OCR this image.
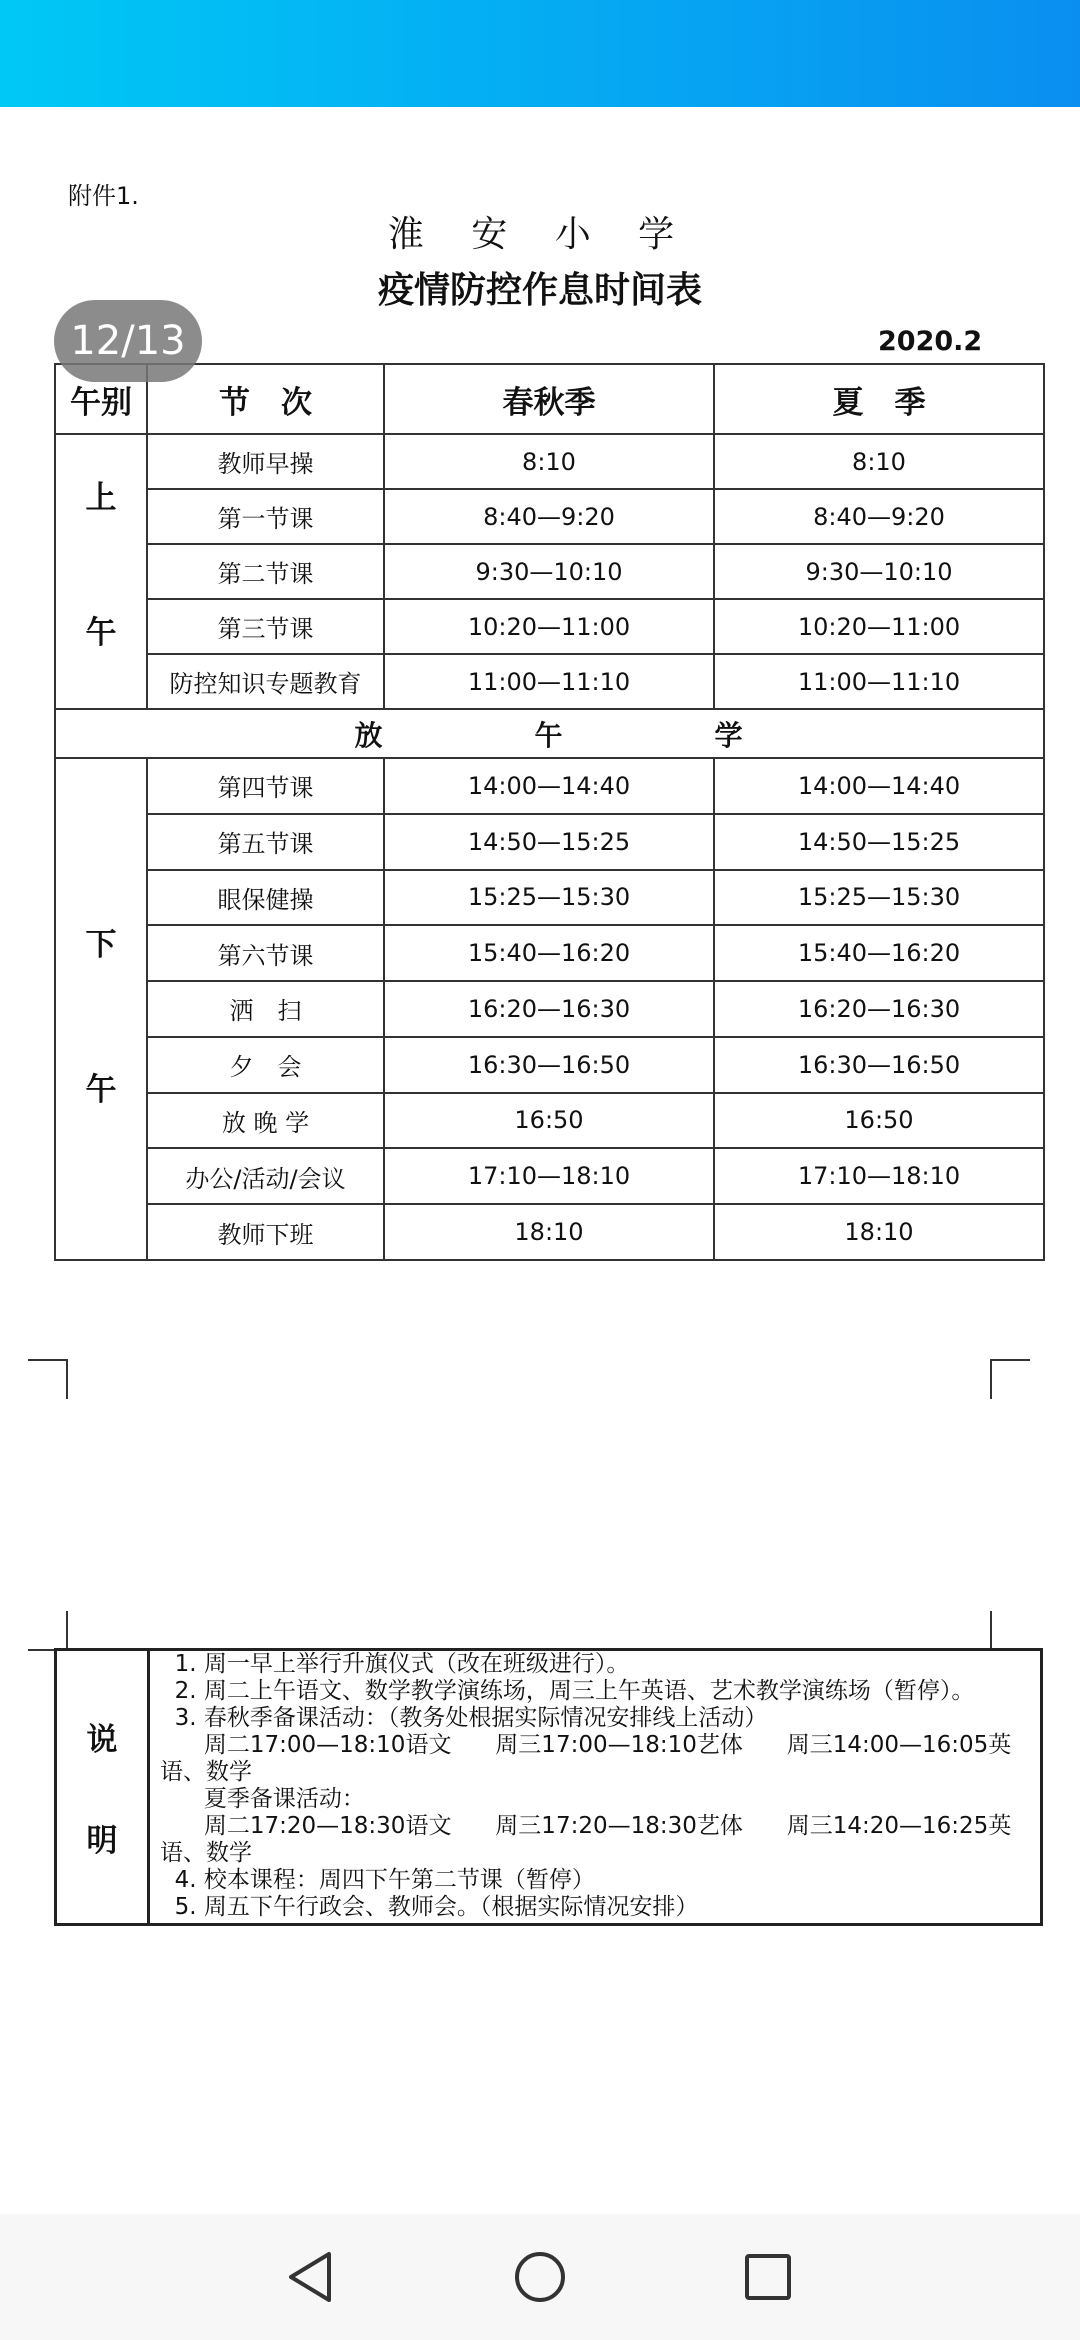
附件1.
淮 安 小 学
疫情防控作息时间表
2020.2
午别	节　次	春秋季	夏　季

上
午	教师早操	8:10	8:10
	第一节课	8:40—9:20	8:40—9:20
	第二节课	9:30—10:10	9:30—10:10
	第三节课	10:20—11:00	10:20—11:00
	防控知识专题教育	11:00—11:10	11:00—11:10
放　　　　　午　　　　　学			

下
午	第四节课	14:00—14:40	14:00—14:40
	第五节课	14:50—15:25	14:50—15:25
	眼保健操	15:25—15:30	15:25—15:30
	第六节课	15:40—16:20	15:40—16:20
	洒　扫	16:20—16:30	16:20—16:30
	夕　会	16:30—16:50	16:30—16:50
	放 晚 学	16:50	16:50
	办公/活动/会议	17:10—18:10	17:10—18:10
	教师下班	18:10	18:10
12/13
说
明

1. 周一早上举行升旗仪式（改在班级进行）。
2. 周二上午语文、数学教学演练场，周三上午英语、艺术教学演练场（暂停）。
3. 春秋季备课活动：（教务处根据实际情况安排线上活动）
周二17:00—18:10语文      周三17:00—18:10艺体      周三14:00—16:05英语、数学
夏季备课活动：
周二17:20—18:30语文      周三17:20—18:30艺体      周三14:20—16:25英语、数学
4. 校本课程：周四下午第二节课（暂停）
5. 周五下午行政会、教师会。（根据实际情况安排）
